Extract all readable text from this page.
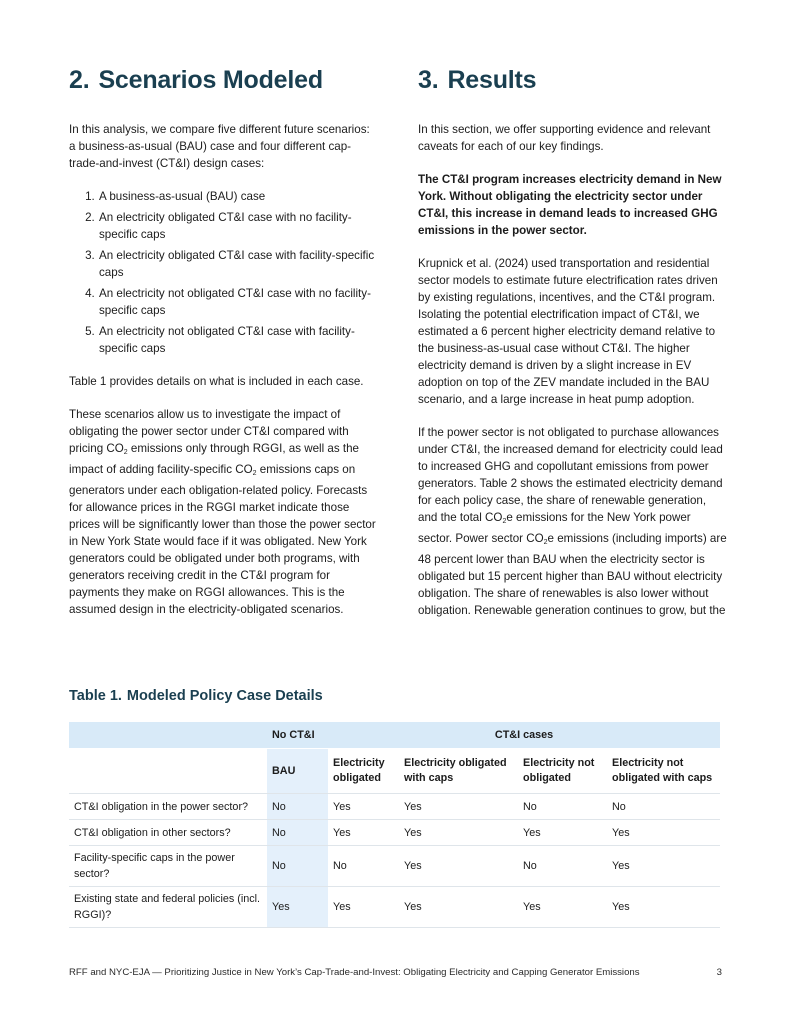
2. Scenarios Modeled

In this analysis, we compare five different future scenarios: a business-as-usual (BAU) case and four different cap-trade-and-invest (CT&I) design cases:

1. A business-as-usual (BAU) case
2. An electricity obligated CT&I case with no facility-specific caps
3. An electricity obligated CT&I case with facility-specific caps
4. An electricity not obligated CT&I case with no facility-specific caps
5. An electricity not obligated CT&I case with facility-specific caps

Table 1 provides details on what is included in each case.

These scenarios allow us to investigate the impact of obligating the power sector under CT&I compared with pricing $CO_2$ emissions only through RGGI, as well as the impact of adding facility-specific $CO_2$ emissions caps on generators under each obligation-related policy. Forecasts for allowance prices in the RGGI market indicate those prices will be significantly lower than those the power sector in New York State would face if it was obligated. New York generators could be obligated under both programs, with generators receiving credit in the CT&I program for payments they make on RGGI allowances. This is the assumed design in the electricity-obligated scenarios.

3. Results

In this section, we offer supporting evidence and relevant caveats for each of our key findings.

The CT&I program increases electricity demand in New York. Without obligating the electricity sector under CT&I, this increase in demand leads to increased GHG emissions in the power sector.

Krupnick et al. (2024) used transportation and residential sector models to estimate future electrification rates driven by existing regulations, incentives, and the CT&I program. Isolating the potential electrification impact of CT&I, we estimated a 6 percent higher electricity demand relative to the business-as-usual case without CT&I. The higher electricity demand is driven by a slight increase in EV adoption on top of the ZEV mandate included in the BAU scenario, and a large increase in heat pump adoption.

If the power sector is not obligated to purchase allowances under CT&I, the increased demand for electricity could lead to increased GHG and copollutant emissions from power generators. Table 2 shows the estimated electricity demand for each policy case, the share of renewable generation, and the total $CO_2e$ emissions for the New York power sector. Power sector $CO_2e$ emissions (including imports) are 48 percent lower than BAU when the electricity sector is obligated but 15 percent higher than BAU without electricity obligation. The share of renewables is also lower without obligation. Renewable generation continues to grow, but the

Table 1. Modeled Policy Case Details
	No CT&I	CT&I cases			
	BAU	Electricity obligated	Electricity obligated with caps	Electricity not obligated	Electricity not obligated with caps
CT&I obligation in the power sector?	No	Yes	Yes	No	No
CT&I obligation in other sectors?	No	Yes	Yes	Yes	Yes
Facility-specific caps in the power sector?	No	No	Yes	No	Yes
Existing state and federal policies (incl. RGGI)?	Yes	Yes	Yes	Yes	Yes
RFF and NYC-EJA — Prioritizing Justice in New York’s Cap-Trade-and-Invest: Obligating Electricity and Capping Generator Emissions	3
